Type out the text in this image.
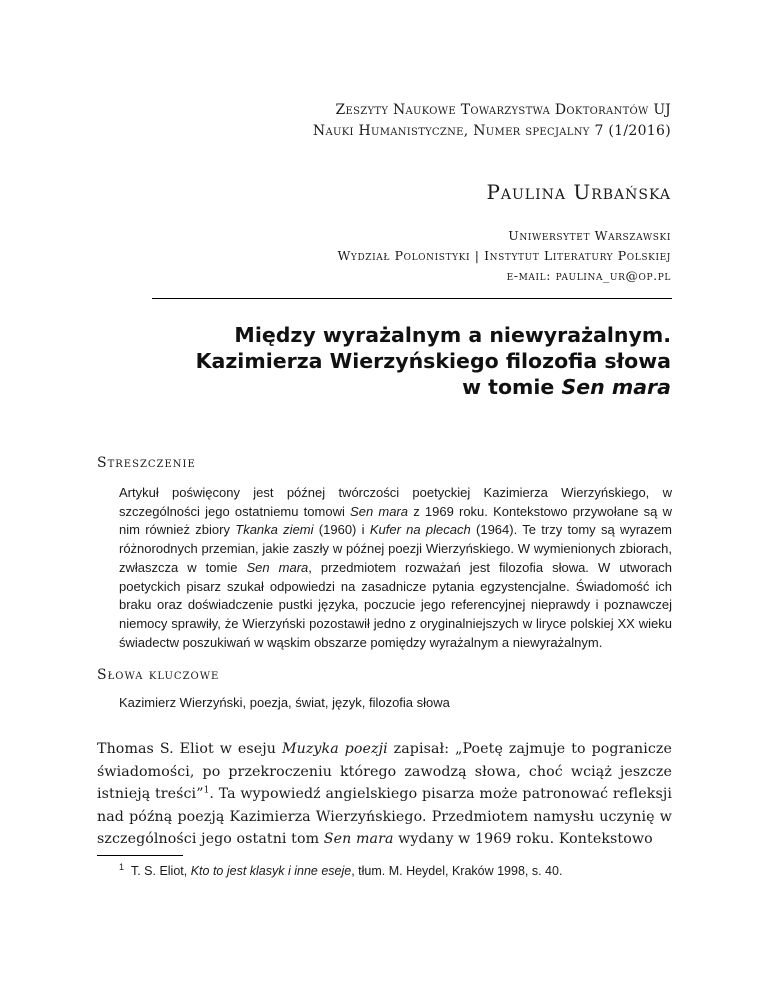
Zeszyty Naukowe Towarzystwa Doktorantów UJ
Nauki Humanistyczne, Numer specjalny 7 (1/2016)
Paulina Urbańska
Uniwersytet Warszawski
Wydział Polonistyki | Instytut Literatury Polskiej
e-mail: paulina_ur@op.pl
Między wyrażalnym a niewyrażalnym.
Kazimierza Wierzyńskiego filozofia słowa
w tomie Sen mara
Streszczenie
Artykuł poświęcony jest późnej twórczości poetyckiej Kazimierza Wierzyńskiego, w szczególności jego ostatniemu tomowi Sen mara z 1969 roku. Kontekstowo przywołane są w nim również zbiory Tkanka ziemi (1960) i Kufer na plecach (1964). Te trzy tomy są wyrazem różnorodnych przemian, jakie zaszły w późnej poezji Wierzyńskiego. W wymienionych zbiorach, zwłaszcza w tomie Sen mara, przedmiotem rozważań jest filozofia słowa. W utworach poetyckich pisarz szukał odpowiedzi na zasadnicze pytania egzystencjalne. Świadomość ich braku oraz doświadczenie pustki języka, poczucie jego referencyjnej nieprawdy i poznawczej niemocy sprawiły, że Wierzyński pozostawił jedno z oryginalniejszych w liryce polskiej XX wieku świadectw poszukiwań w wąskim obszarze pomiędzy wyrażalnym a niewyrażalnym.
Słowa kluczowe
Kazimierz Wierzyński, poezja, świat, język, filozofia słowa
Thomas S. Eliot w eseju Muzyka poezji zapisał: „Poetę zajmuje to pogranicze świadomości, po przekroczeniu którego zawodzą słowa, choć wciąż jeszcze istnieją treści”$^1$. Ta wypowiedź angielskiego pisarza może patronować refleksji nad późną poezją Kazimierza Wierzyńskiego. Przedmiotem namysłu uczynię w szczególności jego ostatni tom Sen mara wydany w 1969 roku. Kontekstowo
$^1$ T. S. Eliot, Kto to jest klasyk i inne eseje, tłum. M. Heydel, Kraków 1998, s. 40.
